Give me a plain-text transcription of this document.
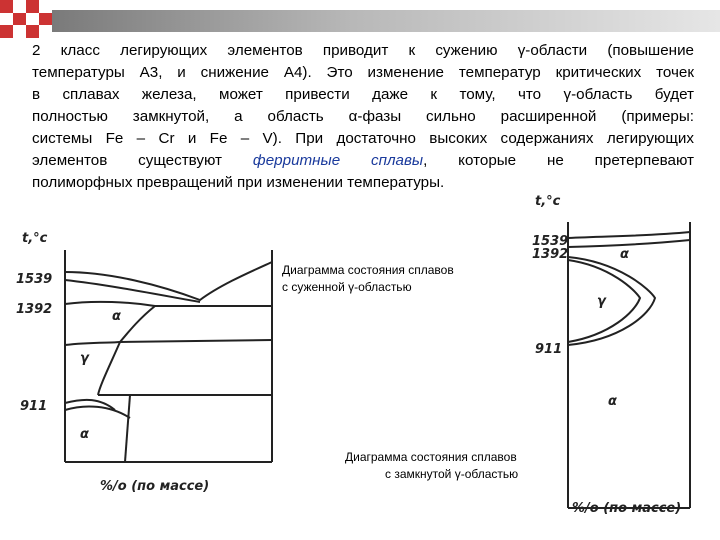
2 класс легирующих элементов приводит к сужению γ-области (повышение
температуры А3, и снижение А4). Это изменение температур критических точек
в сплавах железа, может привести даже к тому, что γ-область будет
полностью замкнутой, а область α-фазы сильно расширенной (примеры:
системы Fe – Cr и Fe – V). При достаточно высоких содержаниях легирующих
элементов существуют ферритные сплавы, которые не претерпевают
полиморфных превращений при изменении температуры.
t,°c
1539
1392
911
α
γ
α
%/о (по массе)
Диаграмма состояния сплавов
с суженной γ-областью
t,°c
1539
1392
911
α
γ
α
%/о (по массе)
Диаграмма состояния сплавов
с замкнутой γ-областью
